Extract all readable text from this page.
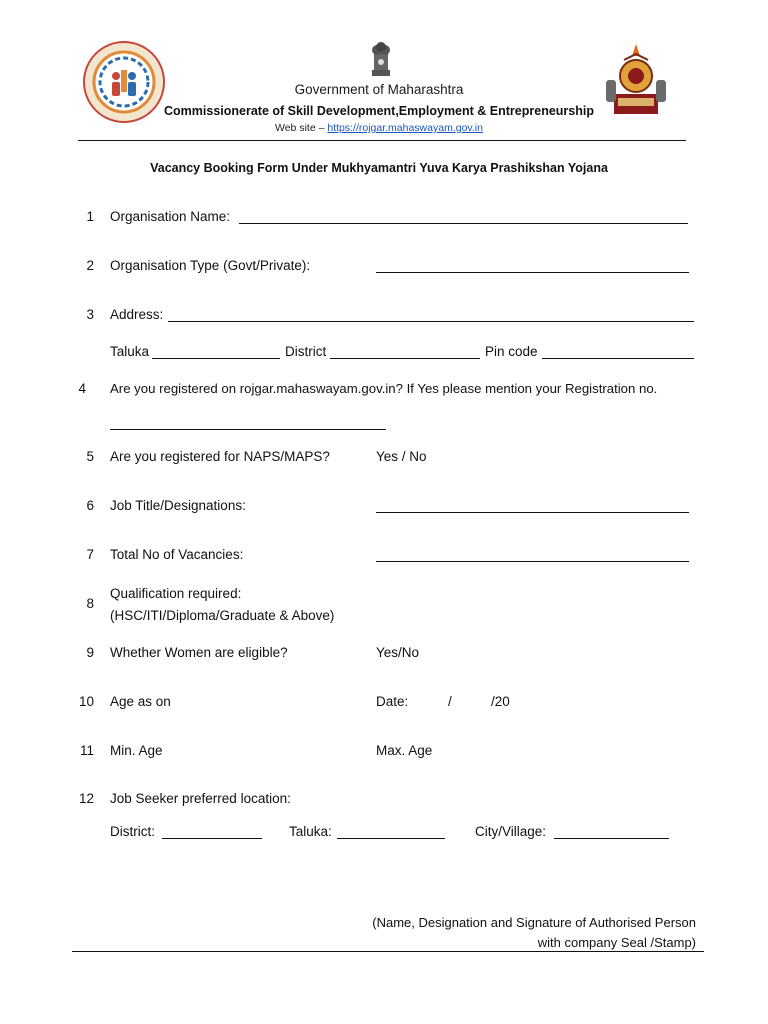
Government of Maharashtra
Commissionerate of Skill Development,Employment & Entrepreneurship
Web site – https://rojgar.mahaswayam.gov.in
Vacancy Booking Form Under Mukhyamantri Yuva Karya Prashikshan Yojana
1 Organisation Name:
2 Organisation Type (Govt/Private):
3 Address:
Taluka	District	Pin code
4 Are you registered on rojgar.mahaswayam.gov.in? If Yes please mention your Registration no.
5 Are you registered for NAPS/MAPS?	Yes / No
6 Job Title/Designations:
7 Total No of Vacancies:
8
Qualification required:
(HSC/ITI/Diploma/Graduate & Above)
9 Whether Women are eligible?	Yes/No
10 Age as on	Date:	/	/20
11 Min. Age	Max. Age
12 Job Seeker preferred location:
District:	Taluka:	City/Village:
(Name, Designation and Signature of Authorised Person
with company Seal /Stamp)
